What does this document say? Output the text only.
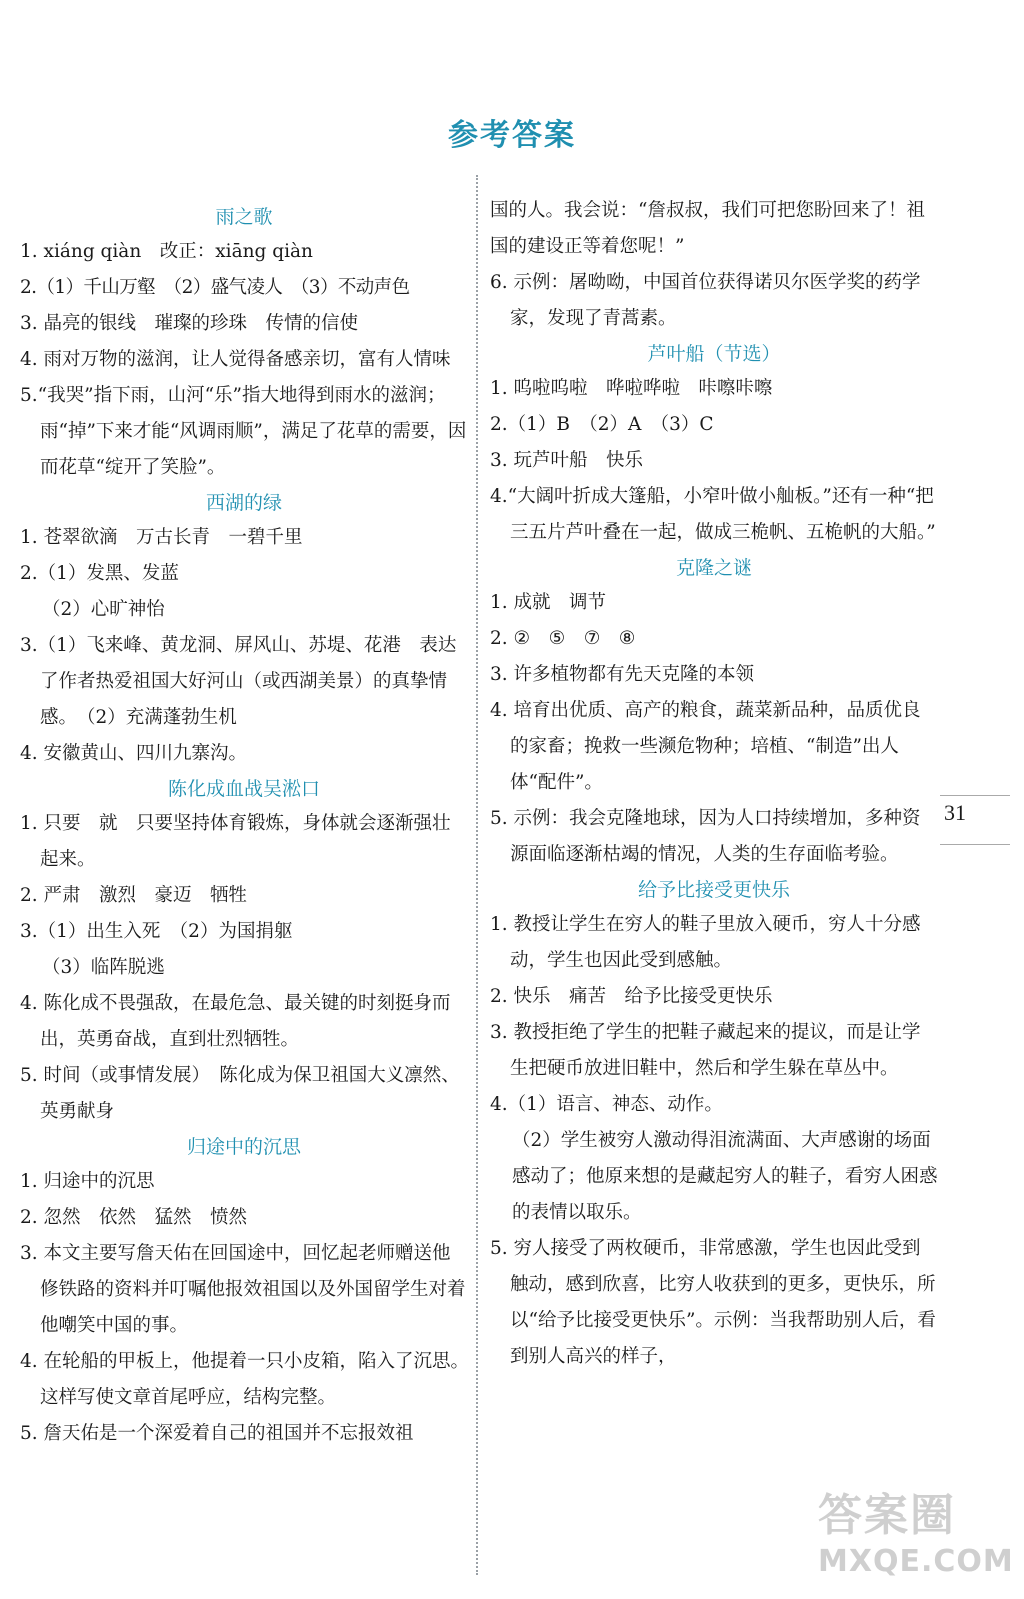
参考答案
雨之歌

1. xiáng qiàn　改正：xiāng qiàn

2.（1）千山万壑　（2）盛气凌人　（3）不动声色

3. 晶亮的银线　璀璨的珍珠　传情的信使

4. 雨对万物的滋润，让人觉得备感亲切，富有人情味

5.“我哭”指下雨，山河“乐”指大地得到雨水的滋润；雨“掉”下来才能“风调雨顺”，满足了花草的需要，因而花草“绽开了笑脸”。

西湖的绿

1. 苍翠欲滴　万古长青　一碧千里

2.（1）发黑、发蓝

（2）心旷神怡

3.（1）飞来峰、黄龙洞、屏风山、苏堤、花港　表达了作者热爱祖国大好河山（或西湖美景）的真挚情感。　（2）充满蓬勃生机

4. 安徽黄山、四川九寨沟。

陈化成血战吴淞口

1. 只要　就　只要坚持体育锻炼，身体就会逐渐强壮起来。

2. 严肃　激烈　豪迈　牺牲

3.（1）出生入死　（2）为国捐躯

（3）临阵脱逃

4. 陈化成不畏强敌，在最危急、最关键的时刻挺身而出，英勇奋战，直到壮烈牺牲。

5. 时间（或事情发展）　陈化成为保卫祖国大义凛然、英勇献身

归途中的沉思

1. 归途中的沉思

2. 忽然　依然　猛然　愤然

3. 本文主要写詹天佑在回国途中，回忆起老师赠送他修铁路的资料并叮嘱他报效祖国以及外国留学生对着他嘲笑中国的事。

4. 在轮船的甲板上，他提着一只小皮箱，陷入了沉思。　这样写使文章首尾呼应，结构完整。

5. 詹天佑是一个深爱着自己的祖国并不忘报效祖

国的人。我会说：“詹叔叔，我们可把您盼回来了！祖国的建设正等着您呢！”

6. 示例：屠呦呦，中国首位获得诺贝尔医学奖的药学家，发现了青蒿素。

芦叶船（节选）

1. 呜啦呜啦　哗啦哗啦　咔嚓咔嚓

2.（1）B　（2）A　（3）C

3. 玩芦叶船　快乐

4.“大阔叶折成大篷船，小窄叶做小舢板。”还有一种“把三五片芦叶叠在一起，做成三桅帆、五桅帆的大船。”

克隆之谜

1. 成就　调节

2. ②　⑤　⑦　⑧

3. 许多植物都有先天克隆的本领

4. 培育出优质、高产的粮食，蔬菜新品种，品质优良的家畜；挽救一些濒危物种；培植、“制造”出人体“配件”。

5. 示例：我会克隆地球，因为人口持续增加，多种资源面临逐渐枯竭的情况，人类的生存面临考验。

给予比接受更快乐

1. 教授让学生在穷人的鞋子里放入硬币，穷人十分感动，学生也因此受到感触。

2. 快乐　痛苦　给予比接受更快乐

3. 教授拒绝了学生的把鞋子藏起来的提议，而是让学生把硬币放进旧鞋中，然后和学生躲在草丛中。

4.（1）语言、神态、动作。

（2）学生被穷人激动得泪流满面、大声感谢的场面感动了；他原来想的是藏起穷人的鞋子，看穷人困惑的表情以取乐。

5. 穷人接受了两枚硬币，非常感激，学生也因此受到触动，感到欣喜，比穷人收获到的更多，更快乐，所以“给予比接受更快乐”。示例：当我帮助别人后，看到别人高兴的样子，

31
答案圈
MXQE.COM
